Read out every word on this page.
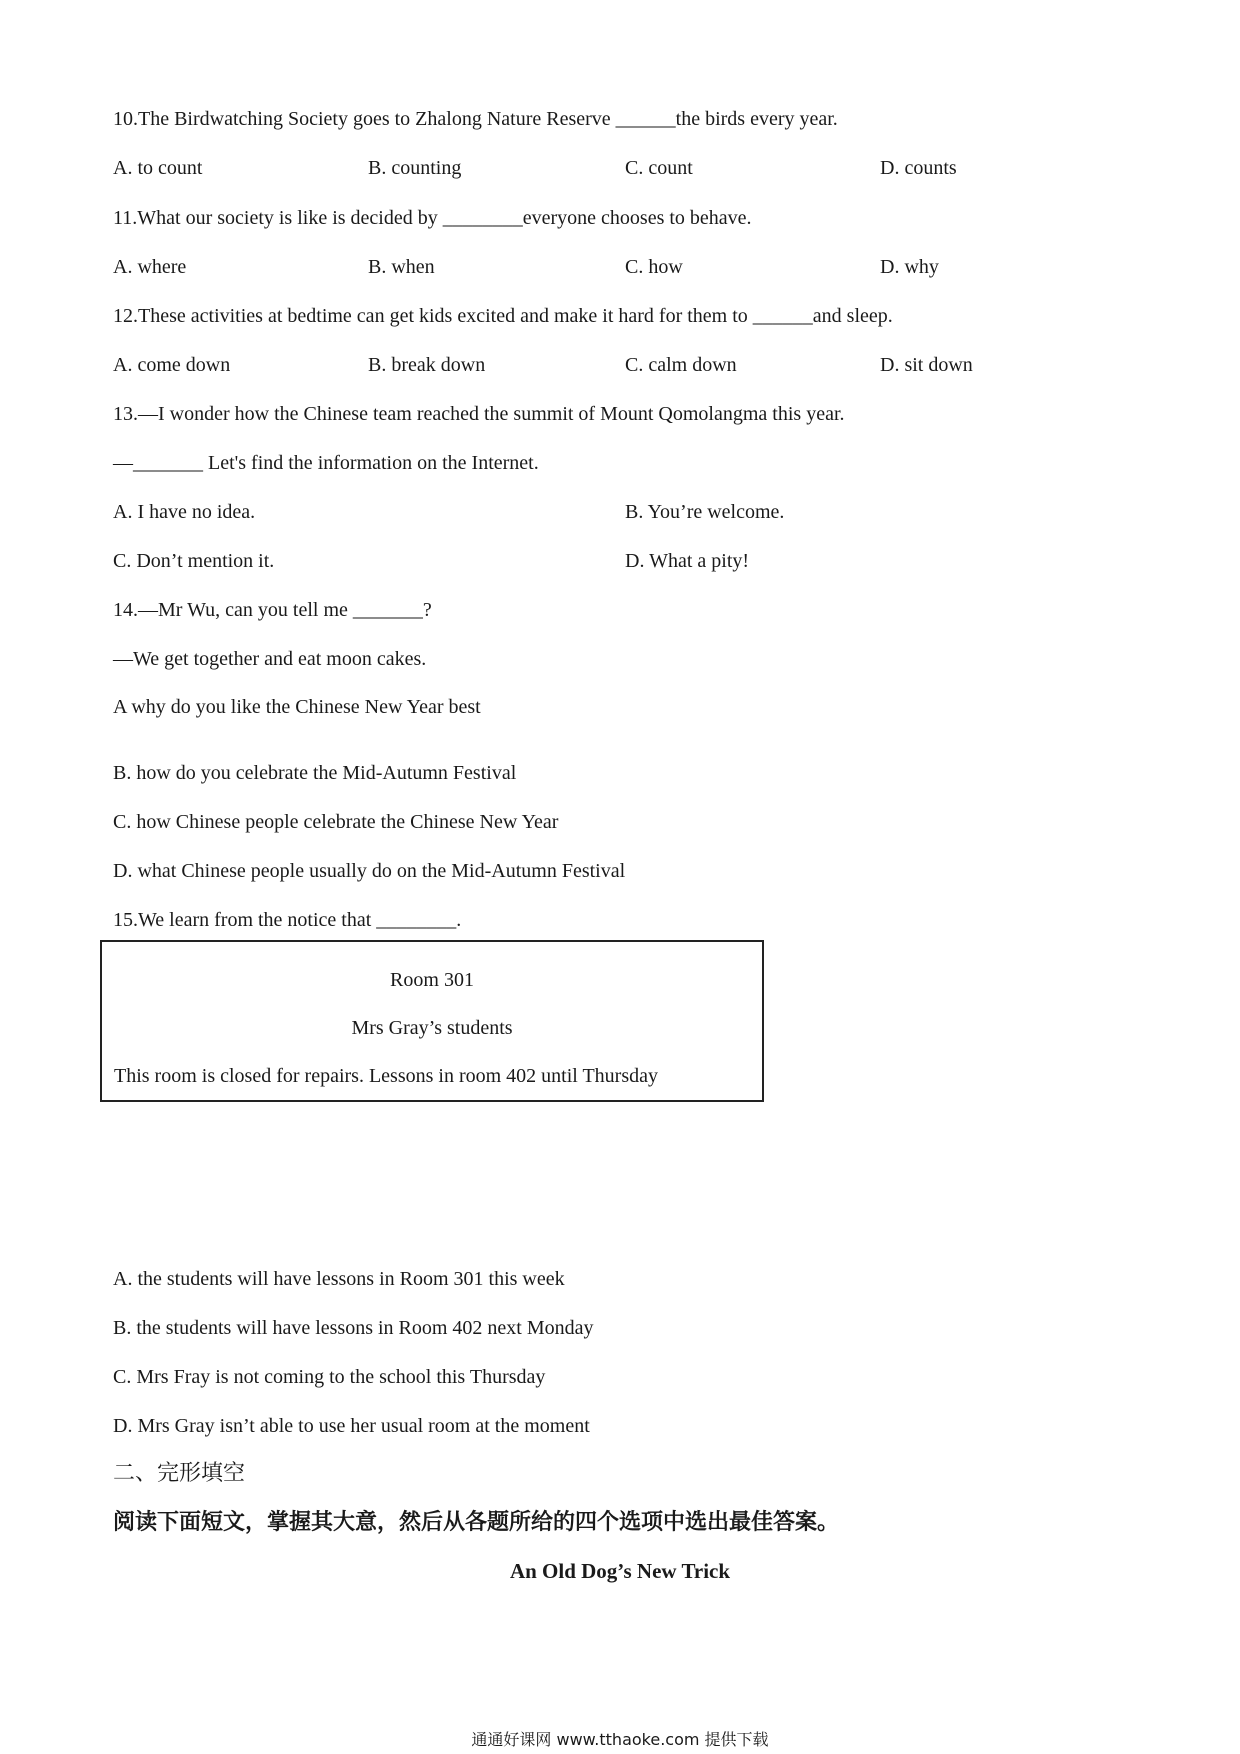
10.The Birdwatching Society goes to Zhalong Nature Reserve ______the birds every year.
A. to count	B. counting	C. count	D. counts
11.What our society is like is decided by ________everyone chooses to behave.
A. where	B. when	C. how	D. why
12.These activities at bedtime can get kids excited and make it hard for them to ______and sleep.
A. come down	B. break down	C. calm down	D. sit down
13.—I wonder how the Chinese team reached the summit of Mount Qomolangma this year.
—_______ Let's find the information on the Internet.
A. I have no idea.	B. You’re welcome.
C. Don’t mention it.	D. What a pity!
14.—Mr Wu, can you tell me _______?
—We get together and eat moon cakes.
A why do you like the Chinese New Year best
B. how do you celebrate the Mid-Autumn Festival
C. how Chinese people celebrate the Chinese New Year
D. what Chinese people usually do on the Mid-Autumn Festival
15.We learn from the notice that ________.
Room 301
Mrs Gray’s students
This room is closed for repairs. Lessons in room 402 until Thursday
A. the students will have lessons in Room 301 this week
B. the students will have lessons in Room 402 next Monday
C. Mrs Fray is not coming to the school this Thursday
D. Mrs Gray isn’t able to use her usual room at the moment
二、完形填空
阅读下面短文，掌握其大意，然后从各题所给的四个选项中选出最佳答案。
An Old Dog’s New Trick
通通好课网 www.tthaoke.com 提供下载
